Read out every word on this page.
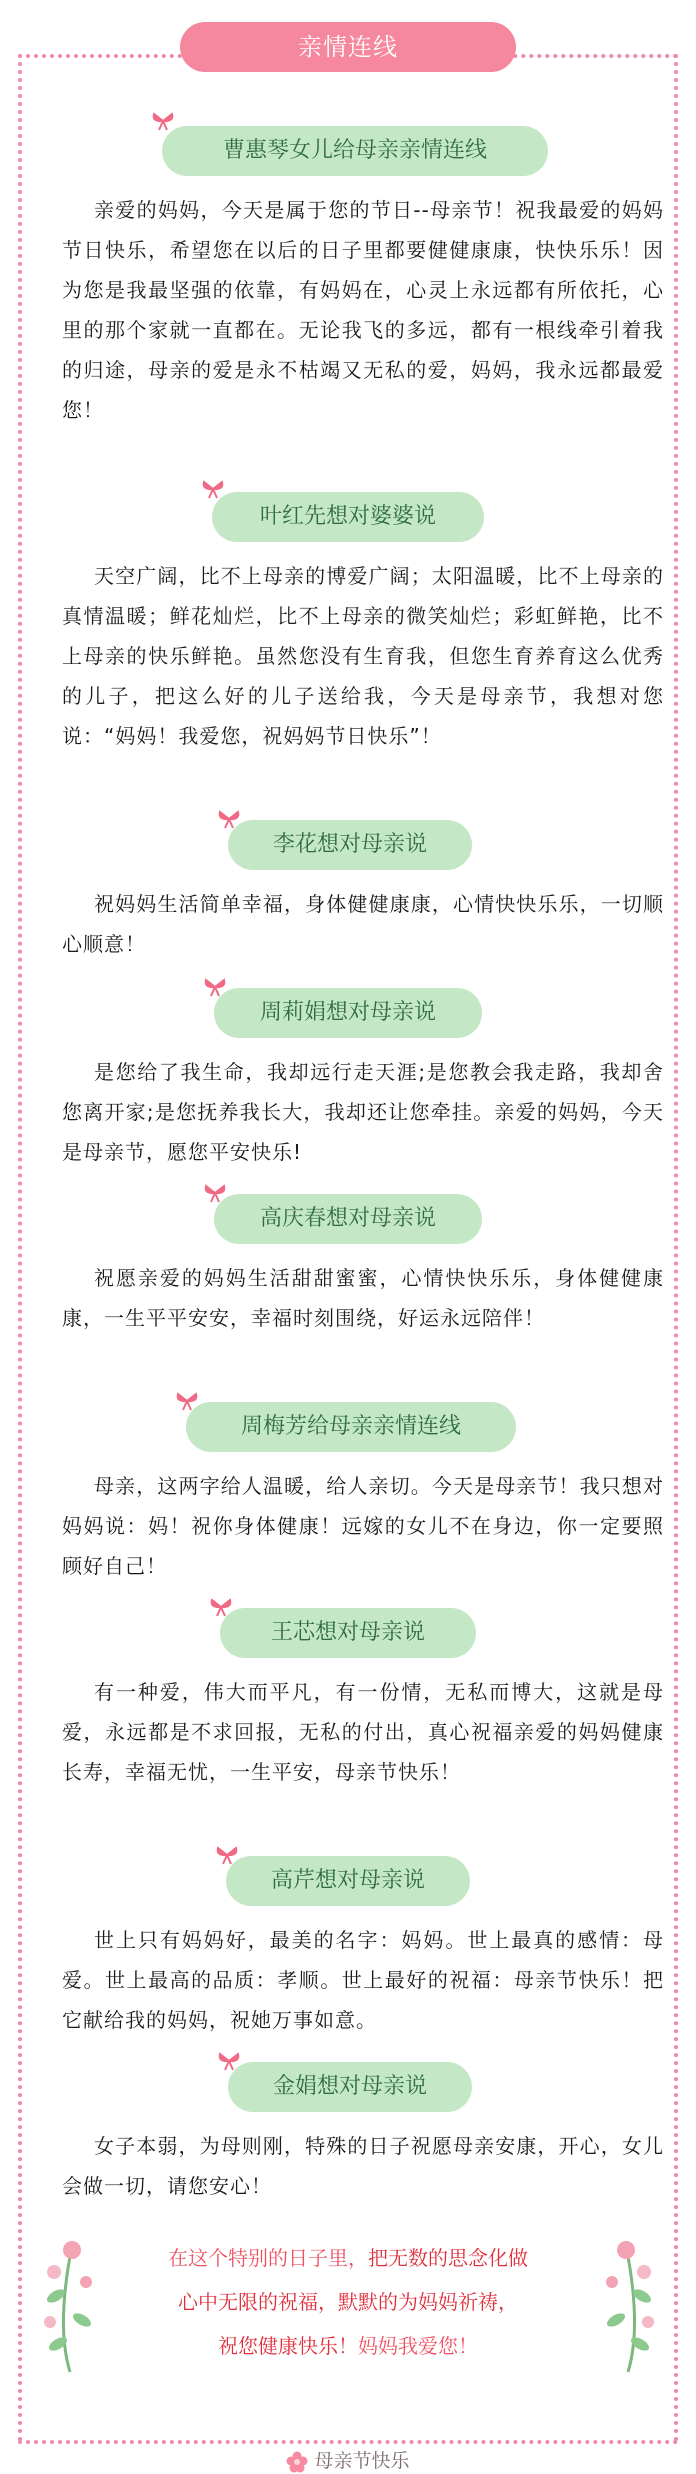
亲情连线
曹惠琴女儿给母亲亲情连线
亲爱的妈妈，今天是属于您的节日--母亲节！祝我最爱的妈妈节日快乐，希望您在以后的日子里都要健健康康，快快乐乐！因为您是我最坚强的依靠，有妈妈在，心灵上永远都有所依托，心里的那个家就一直都在。无论我飞的多远，都有一根线牵引着我的归途，母亲的爱是永不枯竭又无私的爱，妈妈，我永远都最爱您！
叶红先想对婆婆说
天空广阔，比不上母亲的博爱广阔；太阳温暖，比不上母亲的真情温暖；鲜花灿烂，比不上母亲的微笑灿烂；彩虹鲜艳，比不上母亲的快乐鲜艳。虽然您没有生育我，但您生育养育这么优秀的儿子，把这么好的儿子送给我，今天是母亲节，我想对您说：“妈妈！我爱您，祝妈妈节日快乐”！
李花想对母亲说
祝妈妈生活简单幸福，身体健健康康，心情快快乐乐，一切顺心顺意！
周莉娟想对母亲说
是您给了我生命，我却远行走天涯;是您教会我走路，我却舍您离开家;是您抚养我长大，我却还让您牵挂。亲爱的妈妈，今天是母亲节，愿您平安快乐!
高庆春想对母亲说
祝愿亲爱的妈妈生活甜甜蜜蜜，心情快快乐乐，身体健健康康，一生平平安安，幸福时刻围绕，好运永远陪伴！
周梅芳给母亲亲情连线
母亲，这两字给人温暖，给人亲切。今天是母亲节！我只想对妈妈说：妈！祝你身体健康！远嫁的女儿不在身边，你一定要照顾好自己！
王芯想对母亲说
有一种爱，伟大而平凡，有一份情，无私而博大，这就是母爱，永远都是不求回报，无私的付出，真心祝福亲爱的妈妈健康长寿，幸福无忧，一生平安，母亲节快乐！
高芹想对母亲说
世上只有妈妈好，最美的名字：妈妈。世上最真的感情：母爱。世上最高的品质：孝顺。世上最好的祝福：母亲节快乐！把它献给我的妈妈，祝她万事如意。
金娟想对母亲说
女子本弱，为母则刚，特殊的日子祝愿母亲安康，开心，女儿会做一切，请您安心！
在这个特别的日子里，把无数的思念化做
心中无限的祝福，默默的为妈妈祈祷，
祝您健康快乐！妈妈我爱您！
母亲节快乐
